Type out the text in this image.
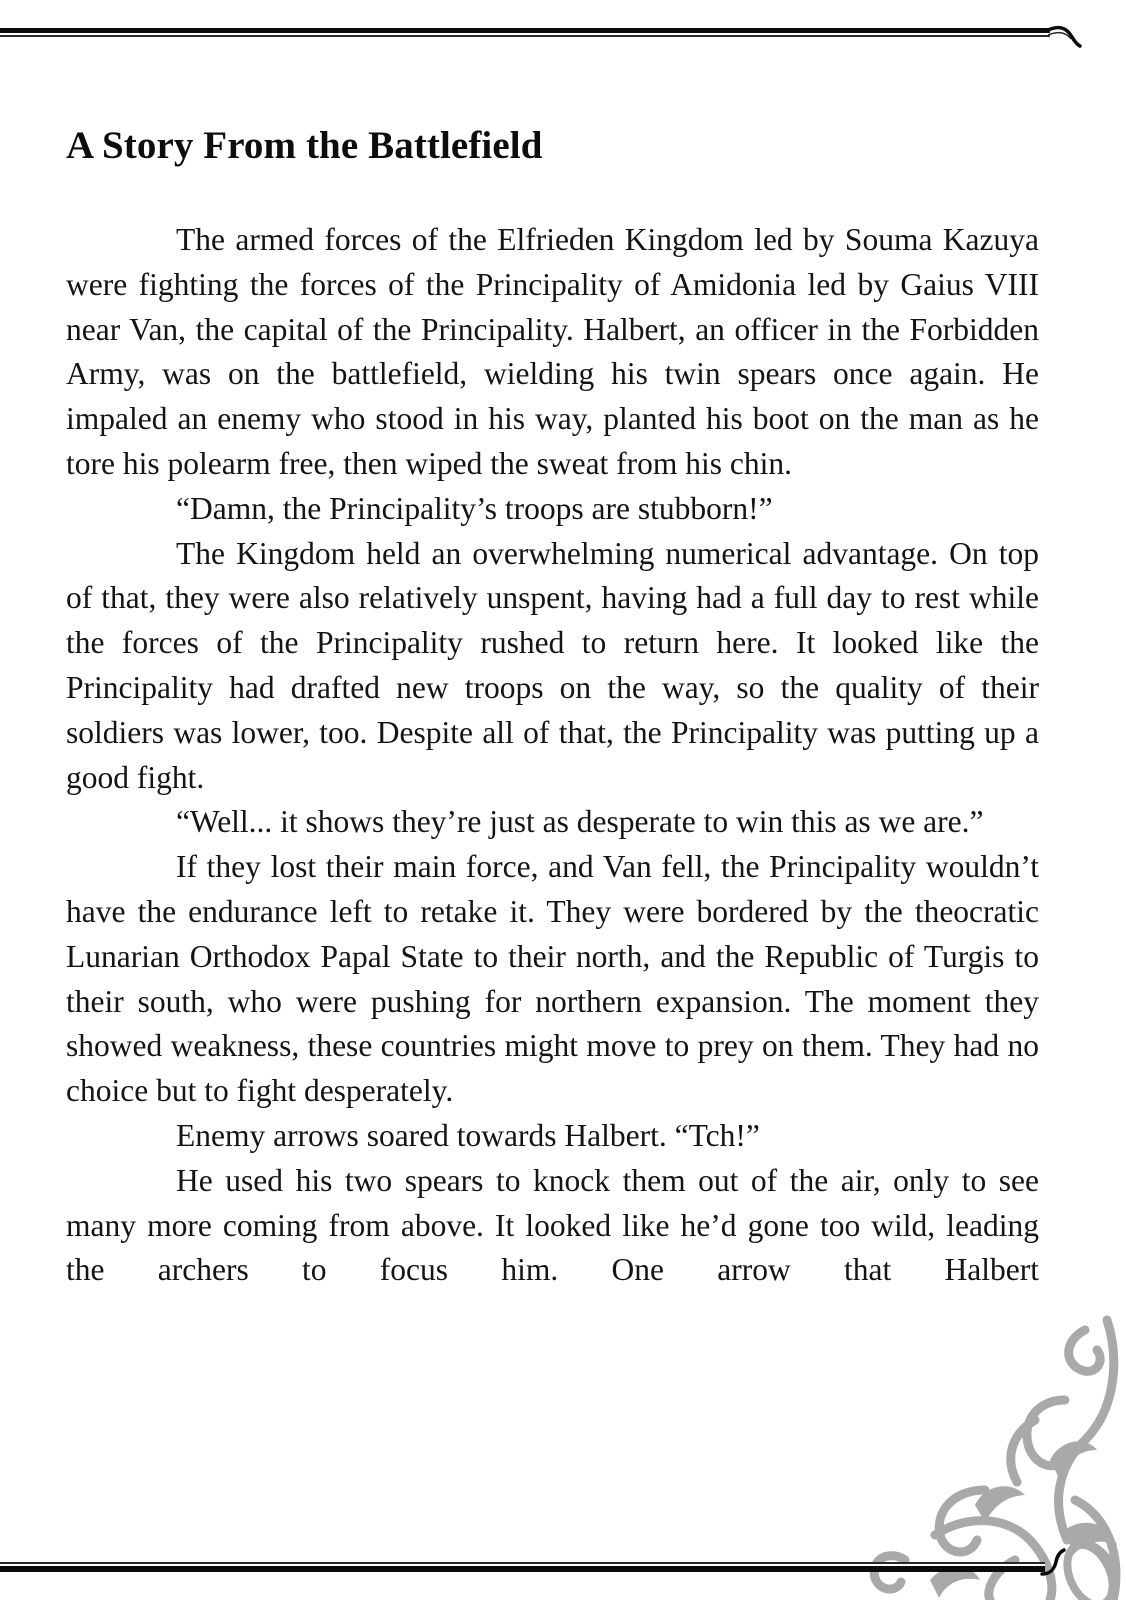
A Story From the Battlefield

The armed forces of the Elfrieden Kingdom led by Souma Kazuya were fighting the forces of the Principality of Amidonia led by Gaius VIII near Van, the capital of the Principality. Halbert, an officer in the Forbidden Army, was on the battlefield, wielding his twin spears once again. He impaled an enemy who stood in his way, planted his boot on the man as he tore his polearm free, then wiped the sweat from his chin.

“Damn, the Principality’s troops are stubborn!”

The Kingdom held an overwhelming numerical advantage. On top of that, they were also relatively unspent, having had a full day to rest while the forces of the Principality rushed to return here. It looked like the Principality had drafted new troops on the way, so the quality of their soldiers was lower, too. Despite all of that, the Principality was putting up a good fight.

“Well... it shows they’re just as desperate to win this as we are.”

If they lost their main force, and Van fell, the Principality wouldn’t have the endurance left to retake it. They were bordered by the theocratic Lunarian Orthodox Papal State to their north, and the Republic of Turgis to their south, who were pushing for northern expansion. The moment they showed weakness, these countries might move to prey on them. They had no choice but to fight desperately.

Enemy arrows soared towards Halbert. “Tch!”

He used his two spears to knock them out of the air, only to see many more coming from above. It looked like he’d gone too wild, leading the archers to focus him. One arrow that Halbert
